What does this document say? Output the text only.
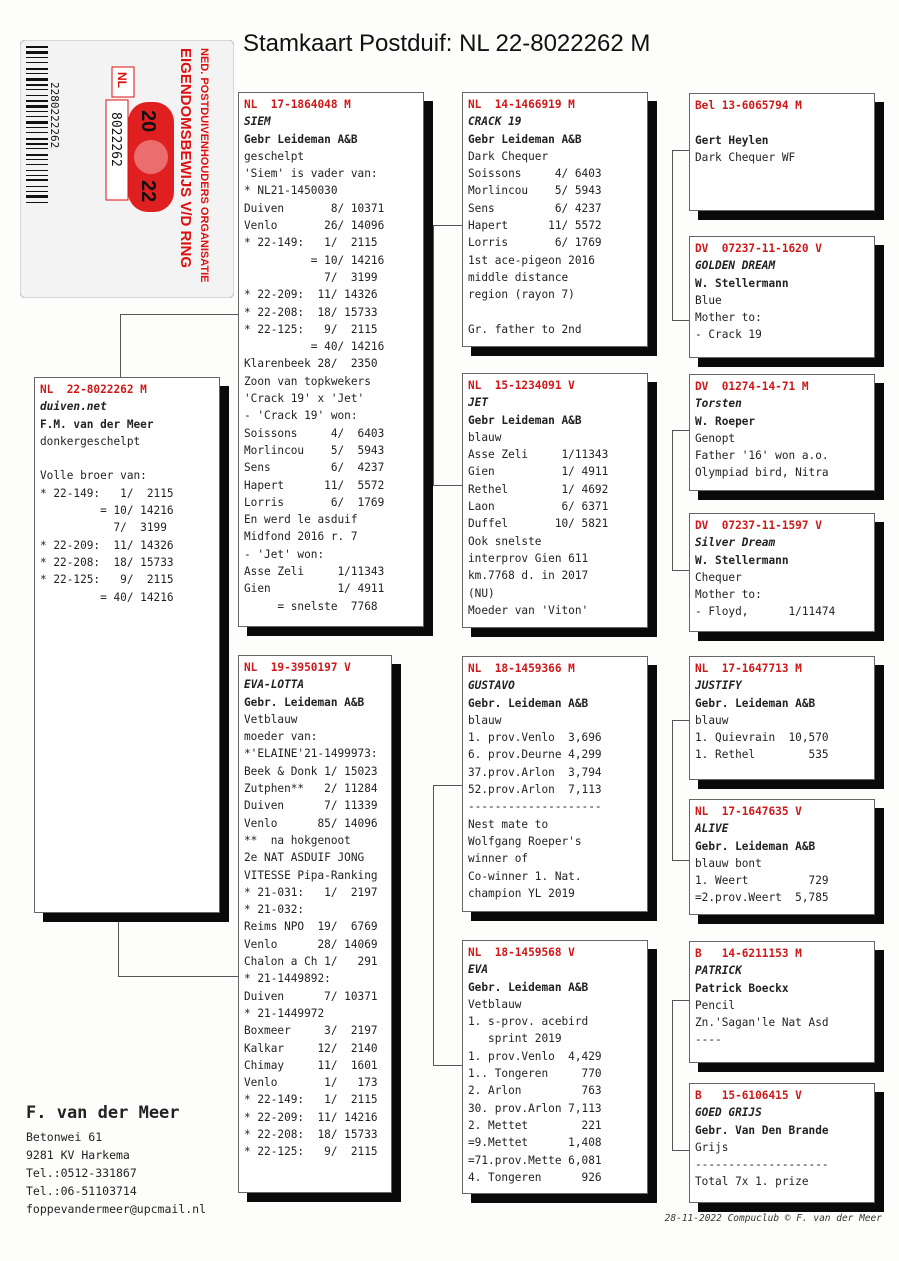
Stamkaart Postduif: NL 22-8022262 M
NED. POSTDUIVENHOUDERS ORGANISATIE
EIGENDOMSBEWIJS V/D RING
20
22
NL
8022262
2280222262
NL  22-8022262 M
duiven.net
F.M. van der Meer
donkergeschelpt

Volle broer van:
* 22-149:   1/  2115
= 10/ 14216
7/  3199
* 22-209:  11/ 14326
* 22-208:  18/ 15733
* 22-125:   9/  2115
= 40/ 14216
NL  17-1864048 M
SIEM
Gebr Leideman A&B
geschelpt
'Siem' is vader van:
* NL21-1450030
Duiven       8/ 10371
Venlo       26/ 14096
* 22-149:   1/  2115
= 10/ 14216
7/  3199
* 22-209:  11/ 14326
* 22-208:  18/ 15733
* 22-125:   9/  2115
= 40/ 14216
Klarenbeek 28/  2350
Zoon van topkwekers
'Crack 19' x 'Jet'
- 'Crack 19' won:
Soissons     4/  6403
Morlincou    5/  5943
Sens         6/  4237
Hapert      11/  5572
Lorris       6/  1769
En werd le asduif
Midfond 2016 r. 7
- 'Jet' won:
Asse Zeli     1/11343
Gien          1/ 4911
= snelste  7768
NL  19-3950197 V
EVA-LOTTA
Gebr. Leideman A&B
Vetblauw
moeder van:
*'ELAINE'21-1499973:
Beek & Donk 1/ 15023
Zutphen**   2/ 11284
Duiven      7/ 11339
Venlo      85/ 14096
**  na hokgenoot
2e NAT ASDUIF JONG
VITESSE Pipa-Ranking
* 21-031:   1/  2197
* 21-032:
Reims NPO  19/  6769
Venlo      28/ 14069
Chalon a Ch 1/   291
* 21-1449892:
Duiven      7/ 10371
* 21-1449972
Boxmeer     3/  2197
Kalkar     12/  2140
Chimay     11/  1601
Venlo       1/   173
* 22-149:   1/  2115
* 22-209:  11/ 14216
* 22-208:  18/ 15733
* 22-125:   9/  2115
NL  14-1466919 M
CRACK 19
Gebr Leideman A&B
Dark Chequer
Soissons     4/ 6403
Morlincou    5/ 5943
Sens         6/ 4237
Hapert      11/ 5572
Lorris       6/ 1769
1st ace-pigeon 2016
middle distance
region (rayon 7)

Gr. father to 2nd
NL  15-1234091 V
JET
Gebr Leideman A&B
blauw
Asse Zeli     1/11343
Gien          1/ 4911
Rethel        1/ 4692
Laon          6/ 6371
Duffel       10/ 5821
Ook snelste
interprov Gien 611
km.7768 d. in 2017
(NU)
Moeder van 'Viton'
NL  18-1459366 M
GUSTAVO
Gebr. Leideman A&B
blauw
1. prov.Venlo  3,696
6. prov.Deurne 4,299
37.prov.Arlon  3,794
52.prov.Arlon  7,113
--------------------
Nest mate to
Wolfgang Roeper's
winner of
Co-winner 1. Nat.
champion YL 2019
NL  18-1459568 V
EVA
Gebr. Leideman A&B
Vetblauw
1. s-prov. acebird
sprint 2019
1. prov.Venlo  4,429
1.. Tongeren     770
2. Arlon         763
30. prov.Arlon 7,113
2. Mettet        221
=9.Mettet      1,408
=71.prov.Mette 6,081
4. Tongeren      926
Bel 13-6065794 M

Gert Heylen
Dark Chequer WF
DV  07237-11-1620 V
GOLDEN DREAM
W. Stellermann
Blue
Mother to:
- Crack 19
DV  01274-14-71 M
Torsten
W. Roeper
Genopt
Father '16' won a.o.
Olympiad bird, Nitra
DV  07237-11-1597 V
Silver Dream
W. Stellermann
Chequer
Mother to:
- Floyd,      1/11474
NL  17-1647713 M
JUSTIFY
Gebr. Leideman A&B
blauw
1. Quievrain  10,570
1. Rethel        535
NL  17-1647635 V
ALIVE
Gebr. Leideman A&B
blauw bont
1. Weert         729
=2.prov.Weert  5,785
B   14-6211153 M
PATRICK
Patrick Boeckx
Pencil
Zn.'Sagan'le Nat Asd
----
B   15-6106415 V
GOED GRIJS
Gebr. Van Den Brande
Grijs
--------------------
Total 7x 1. prize
F. van der Meer
Betonwei 61
9281 KV Harkema
Tel.:0512-331867
Tel.:06-51103714
foppevandermeer@upcmail.nl
28-11-2022 Compuclub © F. van der Meer
